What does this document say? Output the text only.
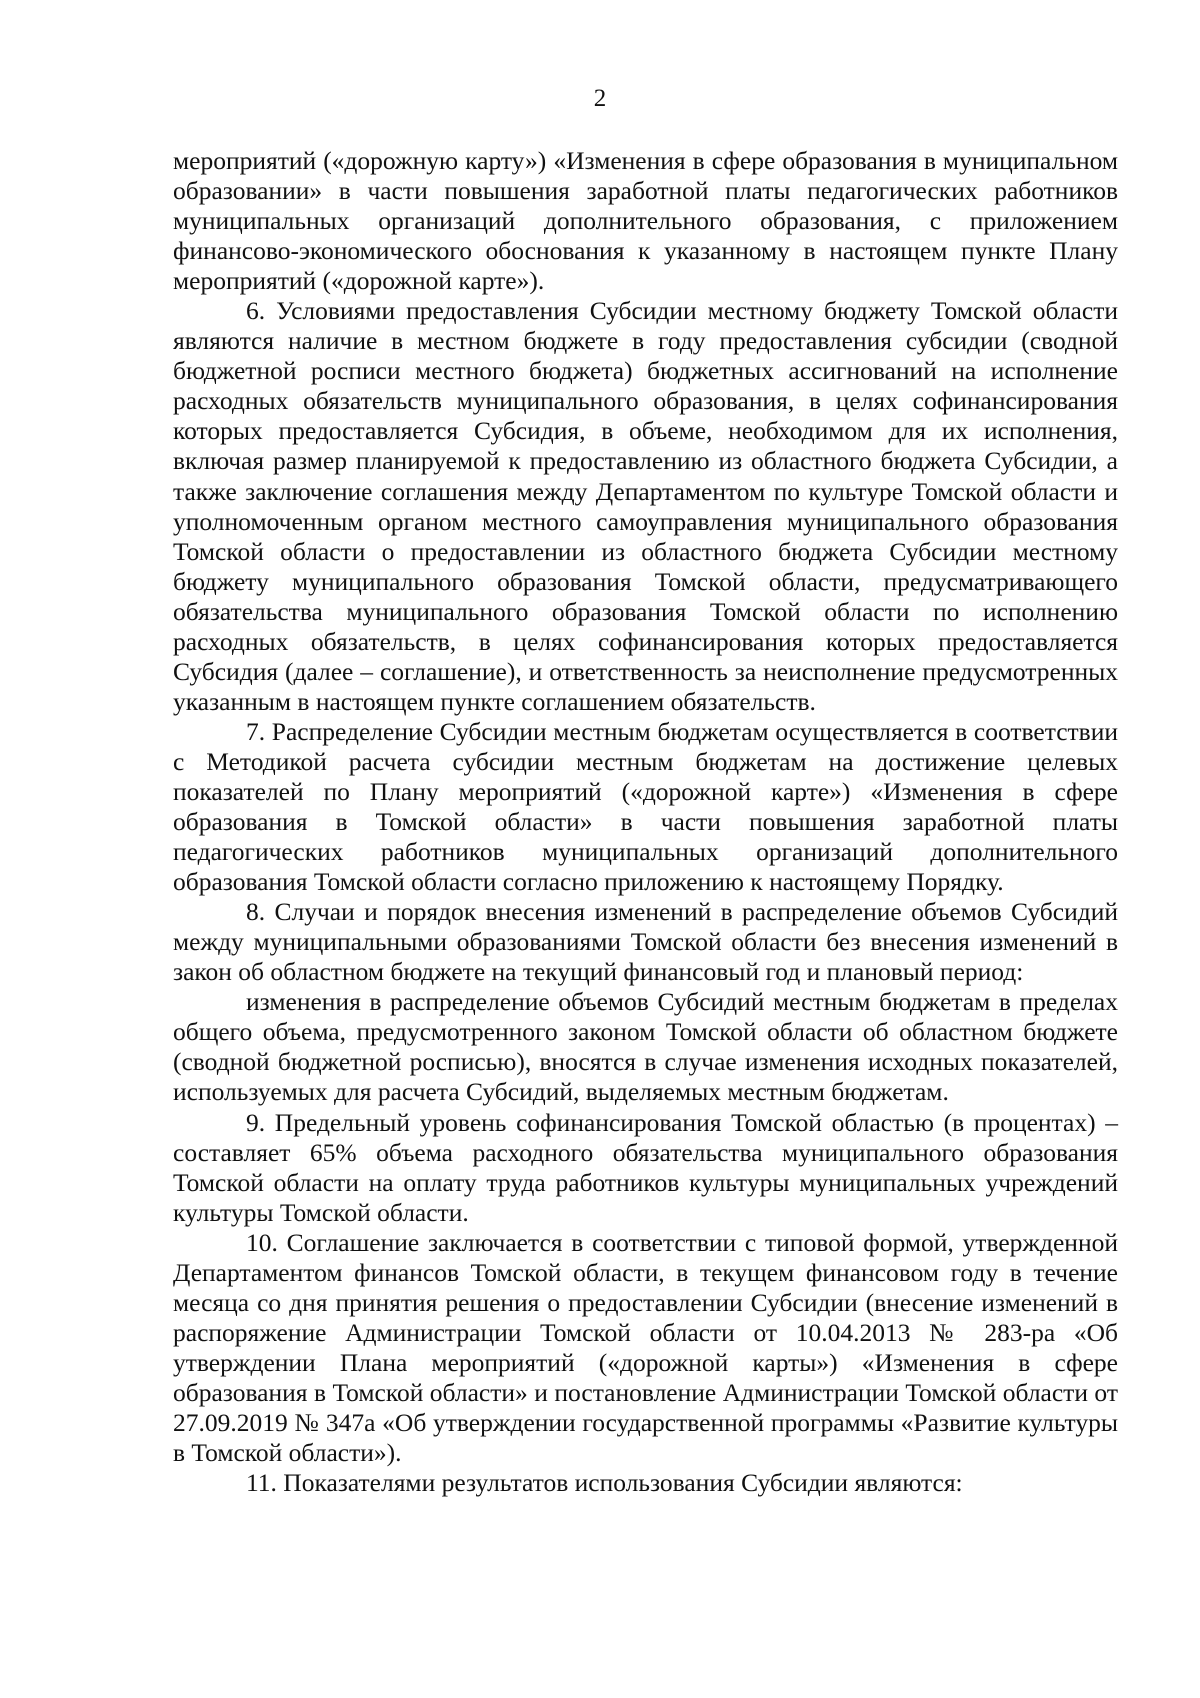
2

мероприятий («дорожную карту») «Изменения в сфере образования в муниципальном образовании» в части повышения заработной платы педагогических работников муниципальных организаций дополнительного образования, с приложением финансово-экономического обоснования к указанному в настоящем пункте Плану мероприятий («дорожной карте»).

6. Условиями предоставления Субсидии местному бюджету Томской области являются наличие в местном бюджете в году предоставления субсидии (сводной бюджетной росписи местного бюджета) бюджетных ассигнований на исполнение расходных обязательств муниципального образования, в целях софинансирования которых предоставляется Субсидия, в объеме, необходимом для их исполнения, включая размер планируемой к предоставлению из областного бюджета Субсидии, а также заключение соглашения между Департаментом по культуре Томской области и уполномоченным органом местного самоуправления муниципального образования Томской области о предоставлении из областного бюджета Субсидии местному бюджету муниципального образования Томской области, предусматривающего обязательства муниципального образования Томской области по исполнению расходных обязательств, в целях софинансирования которых предоставляется Субсидия (далее – соглашение), и ответственность за неисполнение предусмотренных указанным в настоящем пункте соглашением обязательств.

7. Распределение Субсидии местным бюджетам осуществляется в соответствии с Методикой расчета субсидии местным бюджетам на достижение целевых показателей по Плану мероприятий («дорожной карте») «Изменения в сфере образования в Томской области» в части повышения заработной платы педагогических работников муниципальных организаций дополнительного образования Томской области согласно приложению к настоящему Порядку.

8. Случаи и порядок внесения изменений в распределение объемов Субсидий между муниципальными образованиями Томской области без внесения изменений в закон об областном бюджете на текущий финансовый год и плановый период:

изменения в распределение объемов Субсидий местным бюджетам в пределах общего объема, предусмотренного законом Томской области об областном бюджете (сводной бюджетной росписью), вносятся в случае изменения исходных показателей, используемых для расчета Субсидий, выделяемых местным бюджетам.

9. Предельный уровень софинансирования Томской областью (в процентах) – составляет 65% объема расходного обязательства муниципального образования Томской области на оплату труда работников культуры муниципальных учреждений культуры Томской области.

10. Соглашение заключается в соответствии с типовой формой, утвержденной Департаментом финансов Томской области, в текущем финансовом году в течение месяца со дня принятия решения о предоставлении Субсидии (внесение изменений в распоряжение Администрации Томской области от 10.04.2013 № 283-ра «Об утверждении Плана мероприятий («дорожной карты») «Изменения в сфере образования в Томской области» и постановление Администрации Томской области от 27.09.2019 № 347а «Об утверждении государственной программы «Развитие культуры в Томской области»).

11. Показателями результатов использования Субсидии являются:
